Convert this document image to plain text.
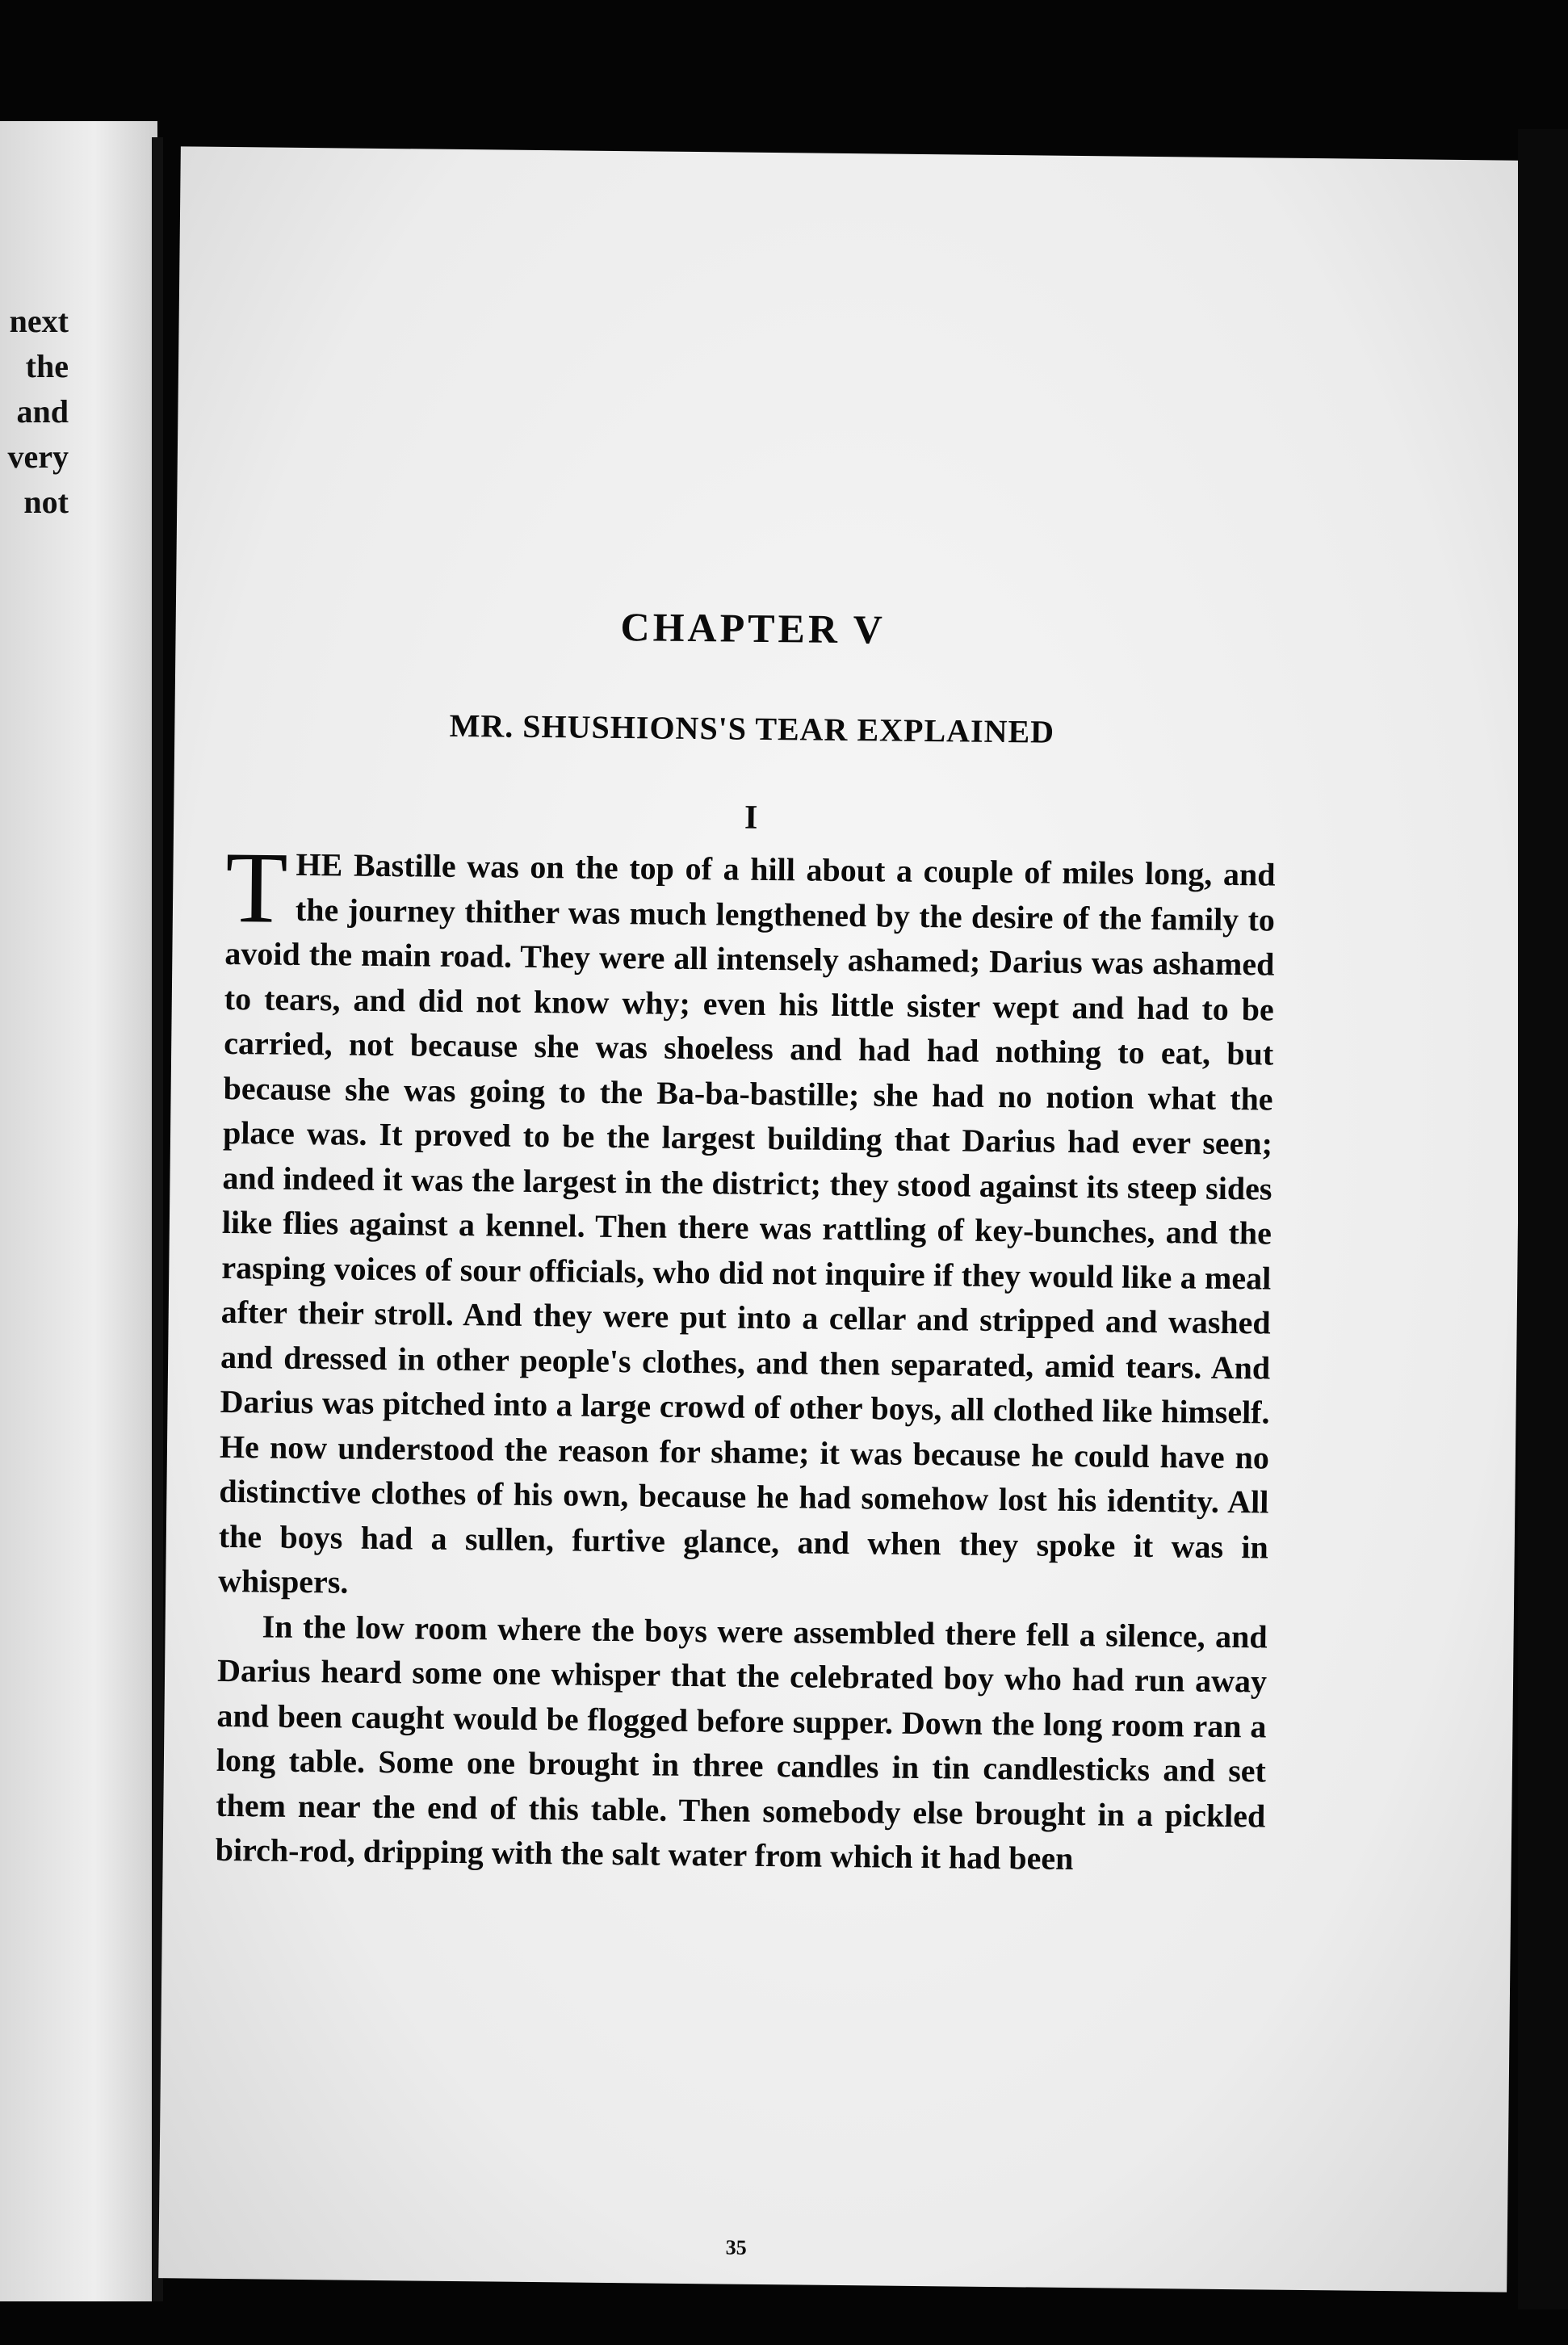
next
the
and
very
not
CHAPTER V
MR. SHUSHIONS'S TEAR EXPLAINED
I

THE Bastille was on the top of a hill about a couple of miles long, and the journey thither was much lengthened by the desire of the family to avoid the main road. They were all intensely ashamed; Darius was ashamed to tears, and did not know why; even his little sister wept and had to be carried, not because she was shoeless and had had nothing to eat, but because she was going to the Ba-ba-bastille; she had no notion what the place was. It proved to be the largest building that Darius had ever seen; and indeed it was the largest in the district; they stood against its steep sides like flies against a kennel. Then there was rattling of key-bunches, and the rasping voices of sour officials, who did not inquire if they would like a meal after their stroll. And they were put into a cellar and stripped and washed and dressed in other people's clothes, and then separated, amid tears. And Darius was pitched into a large crowd of other boys, all clothed like himself. He now understood the reason for shame; it was because he could have no distinctive clothes of his own, because he had somehow lost his identity. All the boys had a sullen, furtive glance, and when they spoke it was in whispers.

In the low room where the boys were assembled there fell a silence, and Darius heard some one whisper that the celebrated boy who had run away and been caught would be flogged before supper. Down the long room ran a long table. Some one brought in three candles in tin candlesticks and set them near the end of this table. Then somebody else brought in a pickled birch-rod, dripping with the salt water from which it had been

35
